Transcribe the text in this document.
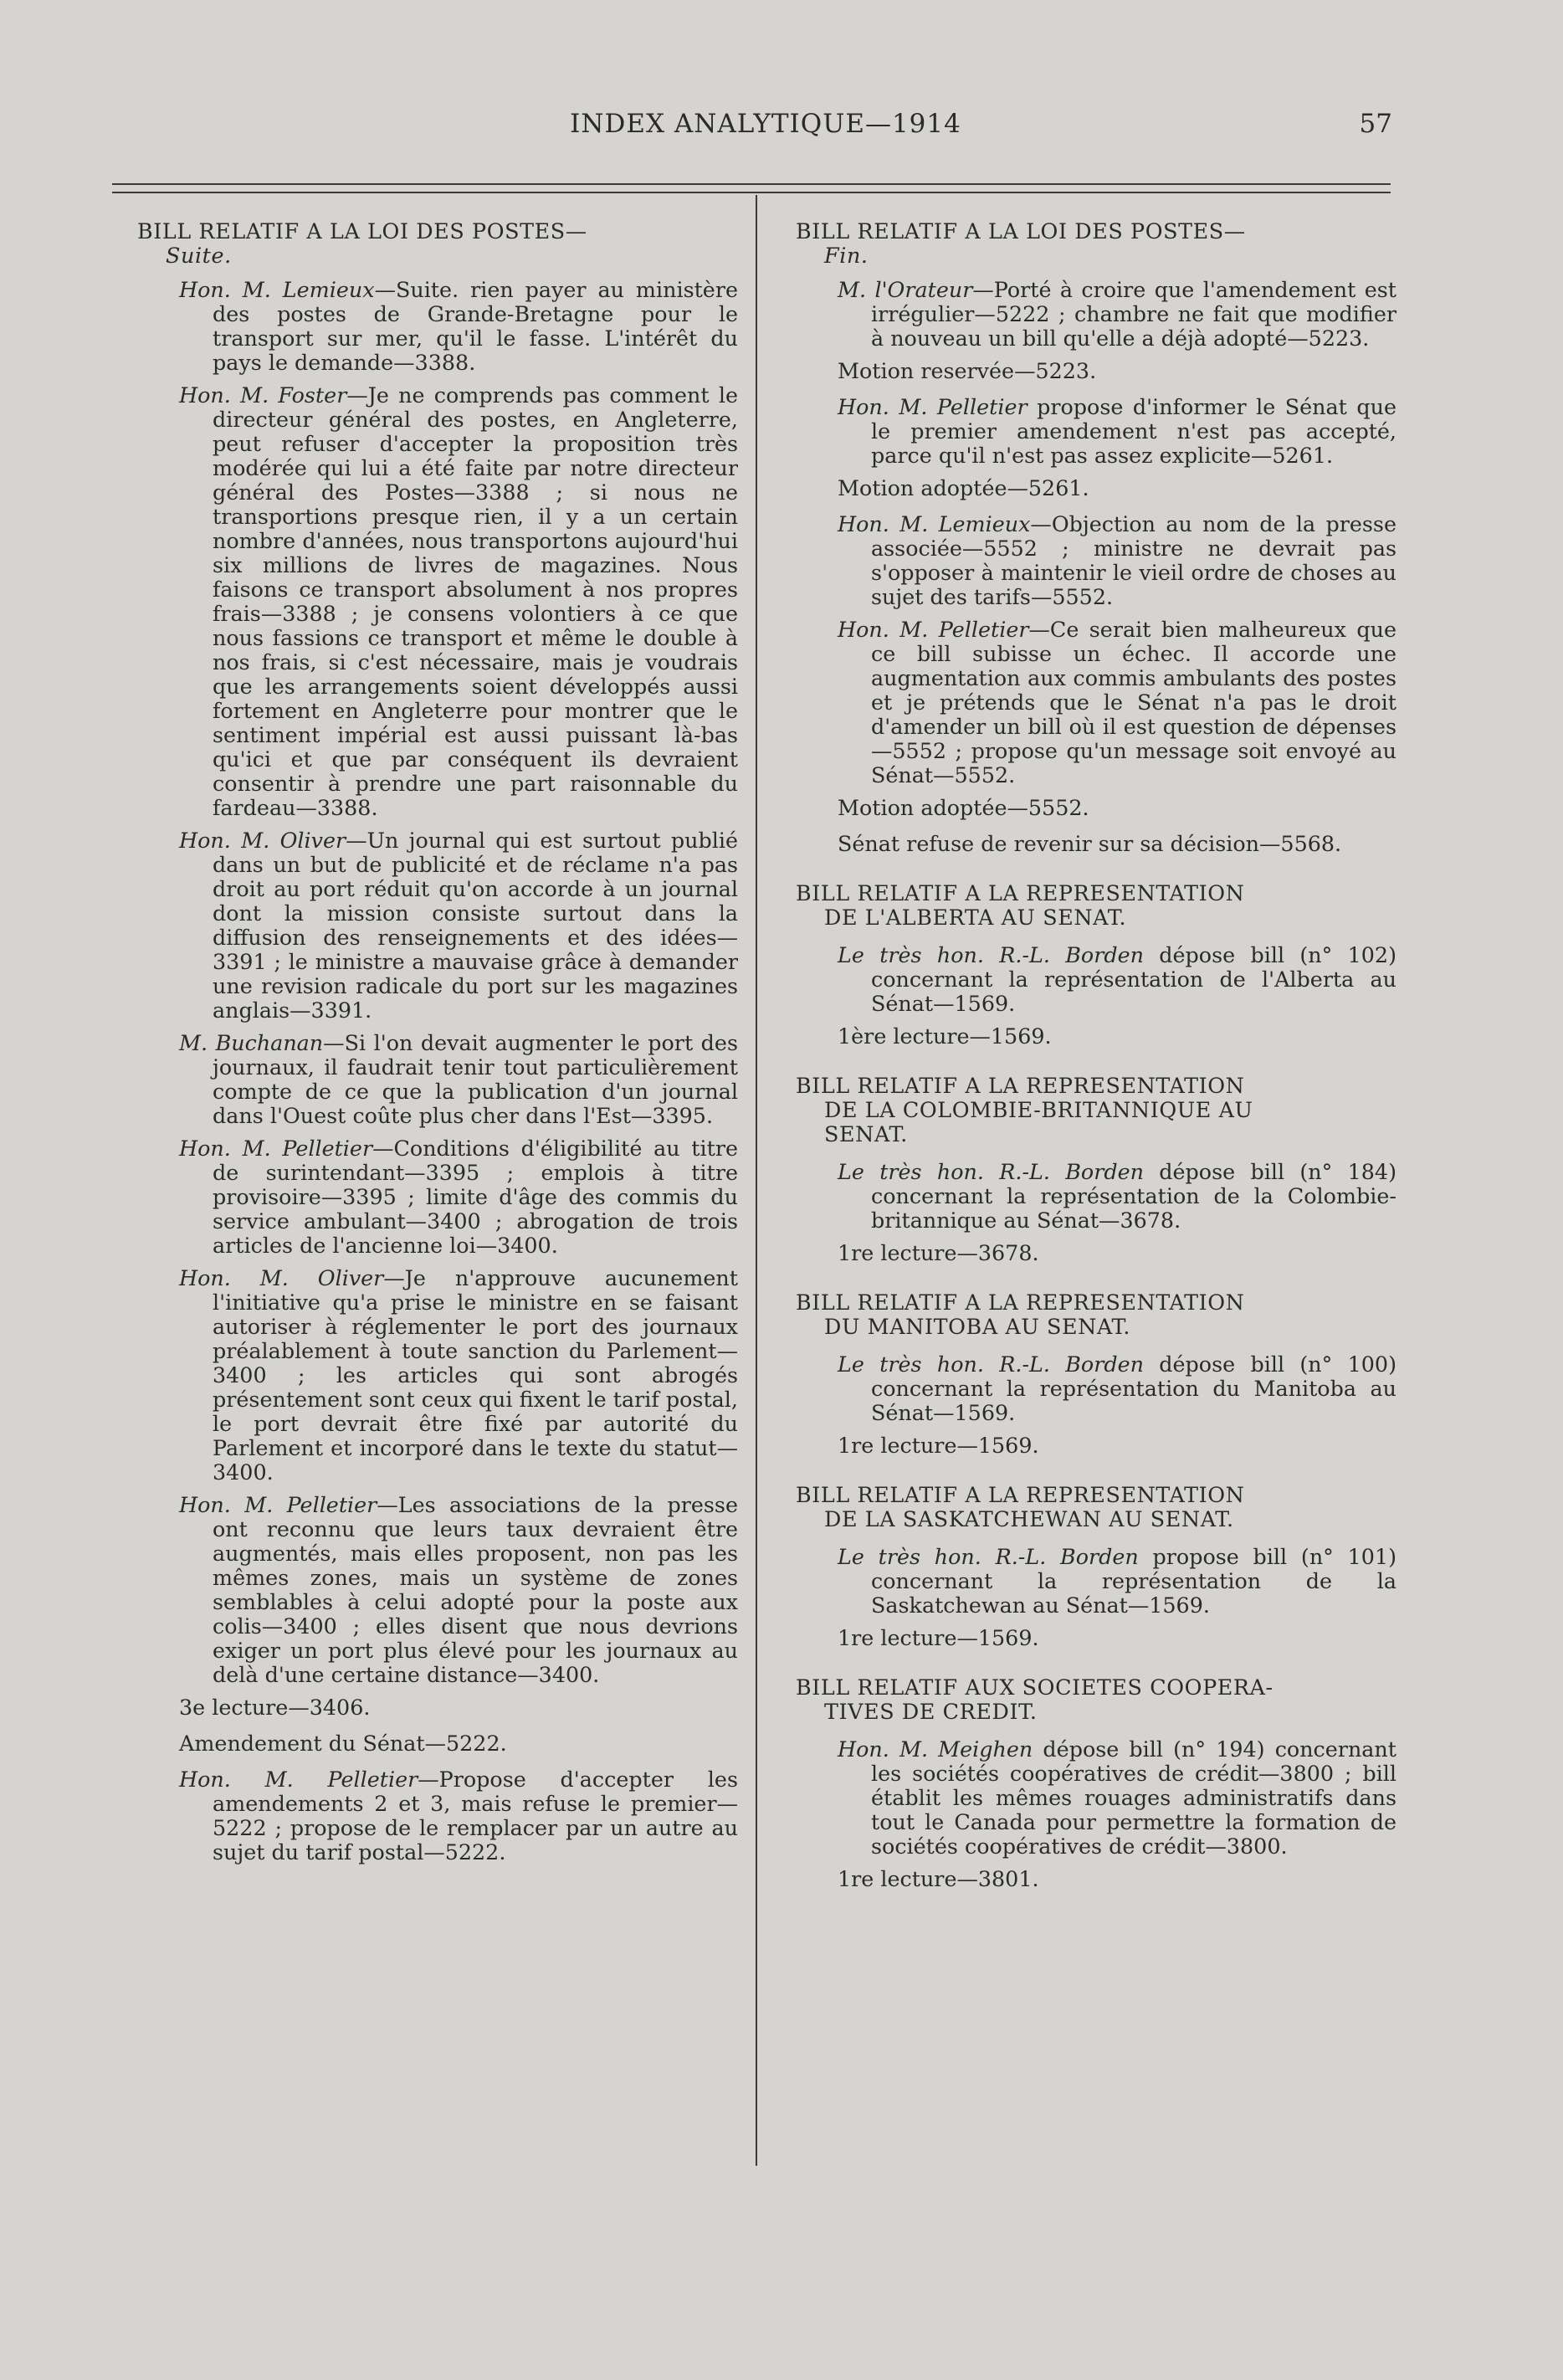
INDEX ANALYTIQUE—1914	57
BILL RELATIF A LA LOI DES POSTES—
Suite.

Hon. M. Lemieux—Suite. rien payer au ministère des postes de Grande-Bretagne pour le transport sur mer, qu'il le fasse. L'intérêt du pays le demande—3388.

Hon. M. Foster—Je ne comprends pas comment le directeur général des postes, en Angleterre, peut refuser d'accepter la proposition très modérée qui lui a été faite par notre directeur général des Postes—3388 ; si nous ne transportions presque rien, il y a un certain nombre d'années, nous transportons aujourd'hui six millions de livres de magazines. Nous faisons ce transport absolument à nos propres frais—3388 ; je consens volontiers à ce que nous fassions ce transport et même le double à nos frais, si c'est nécessaire, mais je voudrais que les arrangements soient développés aussi fortement en Angleterre pour montrer que le sentiment impérial est aussi puissant là-bas qu'ici et que par conséquent ils devraient consentir à prendre une part raisonnable du fardeau—3388.

Hon. M. Oliver—Un journal qui est surtout publié dans un but de publicité et de réclame n'a pas droit au port réduit qu'on accorde à un journal dont la mission consiste surtout dans la diffusion des renseignements et des idées—3391 ; le ministre a mauvaise grâce à demander une revision radicale du port sur les magazines anglais—3391.

M. Buchanan—Si l'on devait augmenter le port des journaux, il faudrait tenir tout particulièrement compte de ce que la publication d'un journal dans l'Ouest coûte plus cher dans l'Est—3395.

Hon. M. Pelletier—Conditions d'éligibilité au titre de surintendant—3395 ; emplois à titre provisoire—3395 ; limite d'âge des commis du service ambulant—3400 ; abrogation de trois articles de l'ancienne loi—3400.

Hon. M. Oliver—Je n'approuve aucunement l'initiative qu'a prise le ministre en se faisant autoriser à réglementer le port des journaux préalablement à toute sanction du Parlement—3400 ; les articles qui sont abrogés présentement sont ceux qui fixent le tarif postal, le port devrait être fixé par autorité du Parlement et incorporé dans le texte du statut—3400.

Hon. M. Pelletier—Les associations de la presse ont reconnu que leurs taux devraient être augmentés, mais elles proposent, non pas les mêmes zones, mais un système de zones semblables à celui adopté pour la poste aux colis—3400 ; elles disent que nous devrions exiger un port plus élevé pour les journaux au delà d'une certaine distance—3400.

3e lecture—3406.

Amendement du Sénat—5222.

Hon. M. Pelletier—Propose d'accepter les amendements 2 et 3, mais refuse le premier—5222 ; propose de le remplacer par un autre au sujet du tarif postal—5222.

BILL RELATIF A LA LOI DES POSTES—
Fin.

M. l'Orateur—Porté à croire que l'amendement est irrégulier—5222 ; chambre ne fait que modifier à nouveau un bill qu'elle a déjà adopté—5223.

Motion reservée—5223.

Hon. M. Pelletier propose d'informer le Sénat que le premier amendement n'est pas accepté, parce qu'il n'est pas assez explicite—5261.

Motion adoptée—5261.

Hon. M. Lemieux—Objection au nom de la presse associée—5552 ; ministre ne devrait pas s'opposer à maintenir le vieil ordre de choses au sujet des tarifs—5552.

Hon. M. Pelletier—Ce serait bien malheureux que ce bill subisse un échec. Il accorde une augmentation aux commis ambulants des postes et je prétends que le Sénat n'a pas le droit d'amender un bill où il est question de dépenses—5552 ; propose qu'un message soit envoyé au Sénat—5552.

Motion adoptée—5552.

Sénat refuse de revenir sur sa décision—5568.

BILL RELATIF A LA REPRESENTATION
DE L'ALBERTA AU SENAT.

Le très hon. R.-L. Borden dépose bill (n° 102) concernant la représentation de l'Alberta au Sénat—1569.

1ère lecture—1569.

BILL RELATIF A LA REPRESENTATION
DE LA COLOMBIE-BRITANNIQUE AU
SENAT.

Le très hon. R.-L. Borden dépose bill (n° 184) concernant la représentation de la Colombie-britannique au Sénat—3678.

1re lecture—3678.

BILL RELATIF A LA REPRESENTATION
DU MANITOBA AU SENAT.

Le très hon. R.-L. Borden dépose bill (n° 100) concernant la représentation du Manitoba au Sénat—1569.

1re lecture—1569.

BILL RELATIF A LA REPRESENTATION
DE LA SASKATCHEWAN AU SENAT.

Le très hon. R.-L. Borden propose bill (n° 101) concernant la représentation de la Saskatchewan au Sénat—1569.

1re lecture—1569.

BILL RELATIF AUX SOCIETES COOPERA-
TIVES DE CREDIT.

Hon. M. Meighen dépose bill (n° 194) concernant les sociétés coopératives de crédit—3800 ; bill établit les mêmes rouages administratifs dans tout le Canada pour permettre la formation de sociétés coopératives de crédit—3800.

1re lecture—3801.
